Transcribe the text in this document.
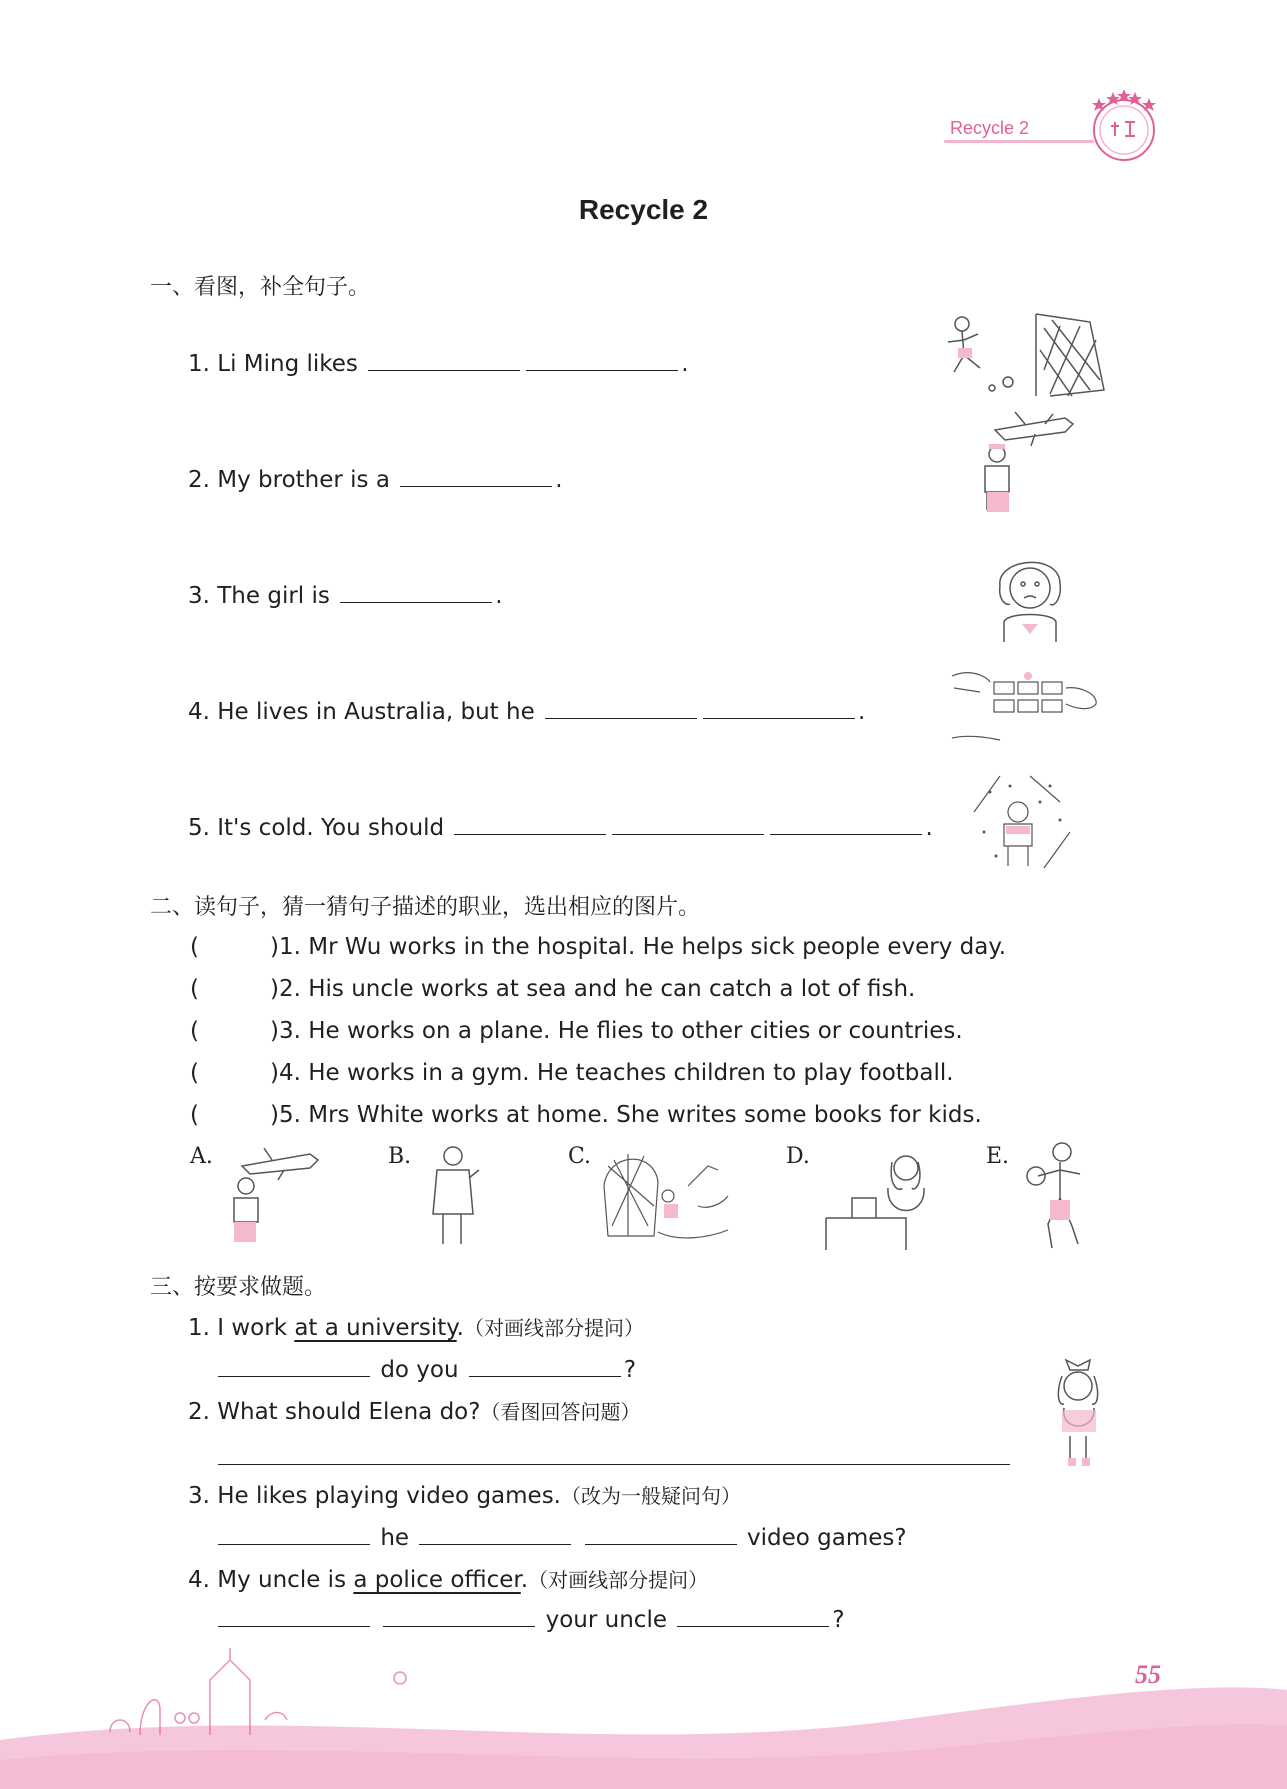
Recycle 2
Recycle 2
一、看图，补全句子。
1. Li Ming likes	.
2. My brother is a	.
3. The girl is	.
4. He lives in Australia, but he	.
5. It's cold. You should	.
二、读句子，猜一猜句子描述的职业，选出相应的图片。
(	)1. Mr Wu works in the hospital. He helps sick people every day.
(	)2. His uncle works at sea and he can catch a lot of fish.
(	)3. He works on a plane. He flies to other cities or countries.
(	)4. He works in a gym. He teaches children to play football.
(	)5. Mrs White works at home. She writes some books for kids.
A.	B.	C.	D.	E.
三、按要求做题。
1. I work at a university.（对画线部分提问）
do you	?
2. What should Elena do?（看图回答问题）
3. He likes playing video games.（改为一般疑问句）
he	video games?
4. My uncle is a police officer.（对画线部分提问）
your uncle	?
55
